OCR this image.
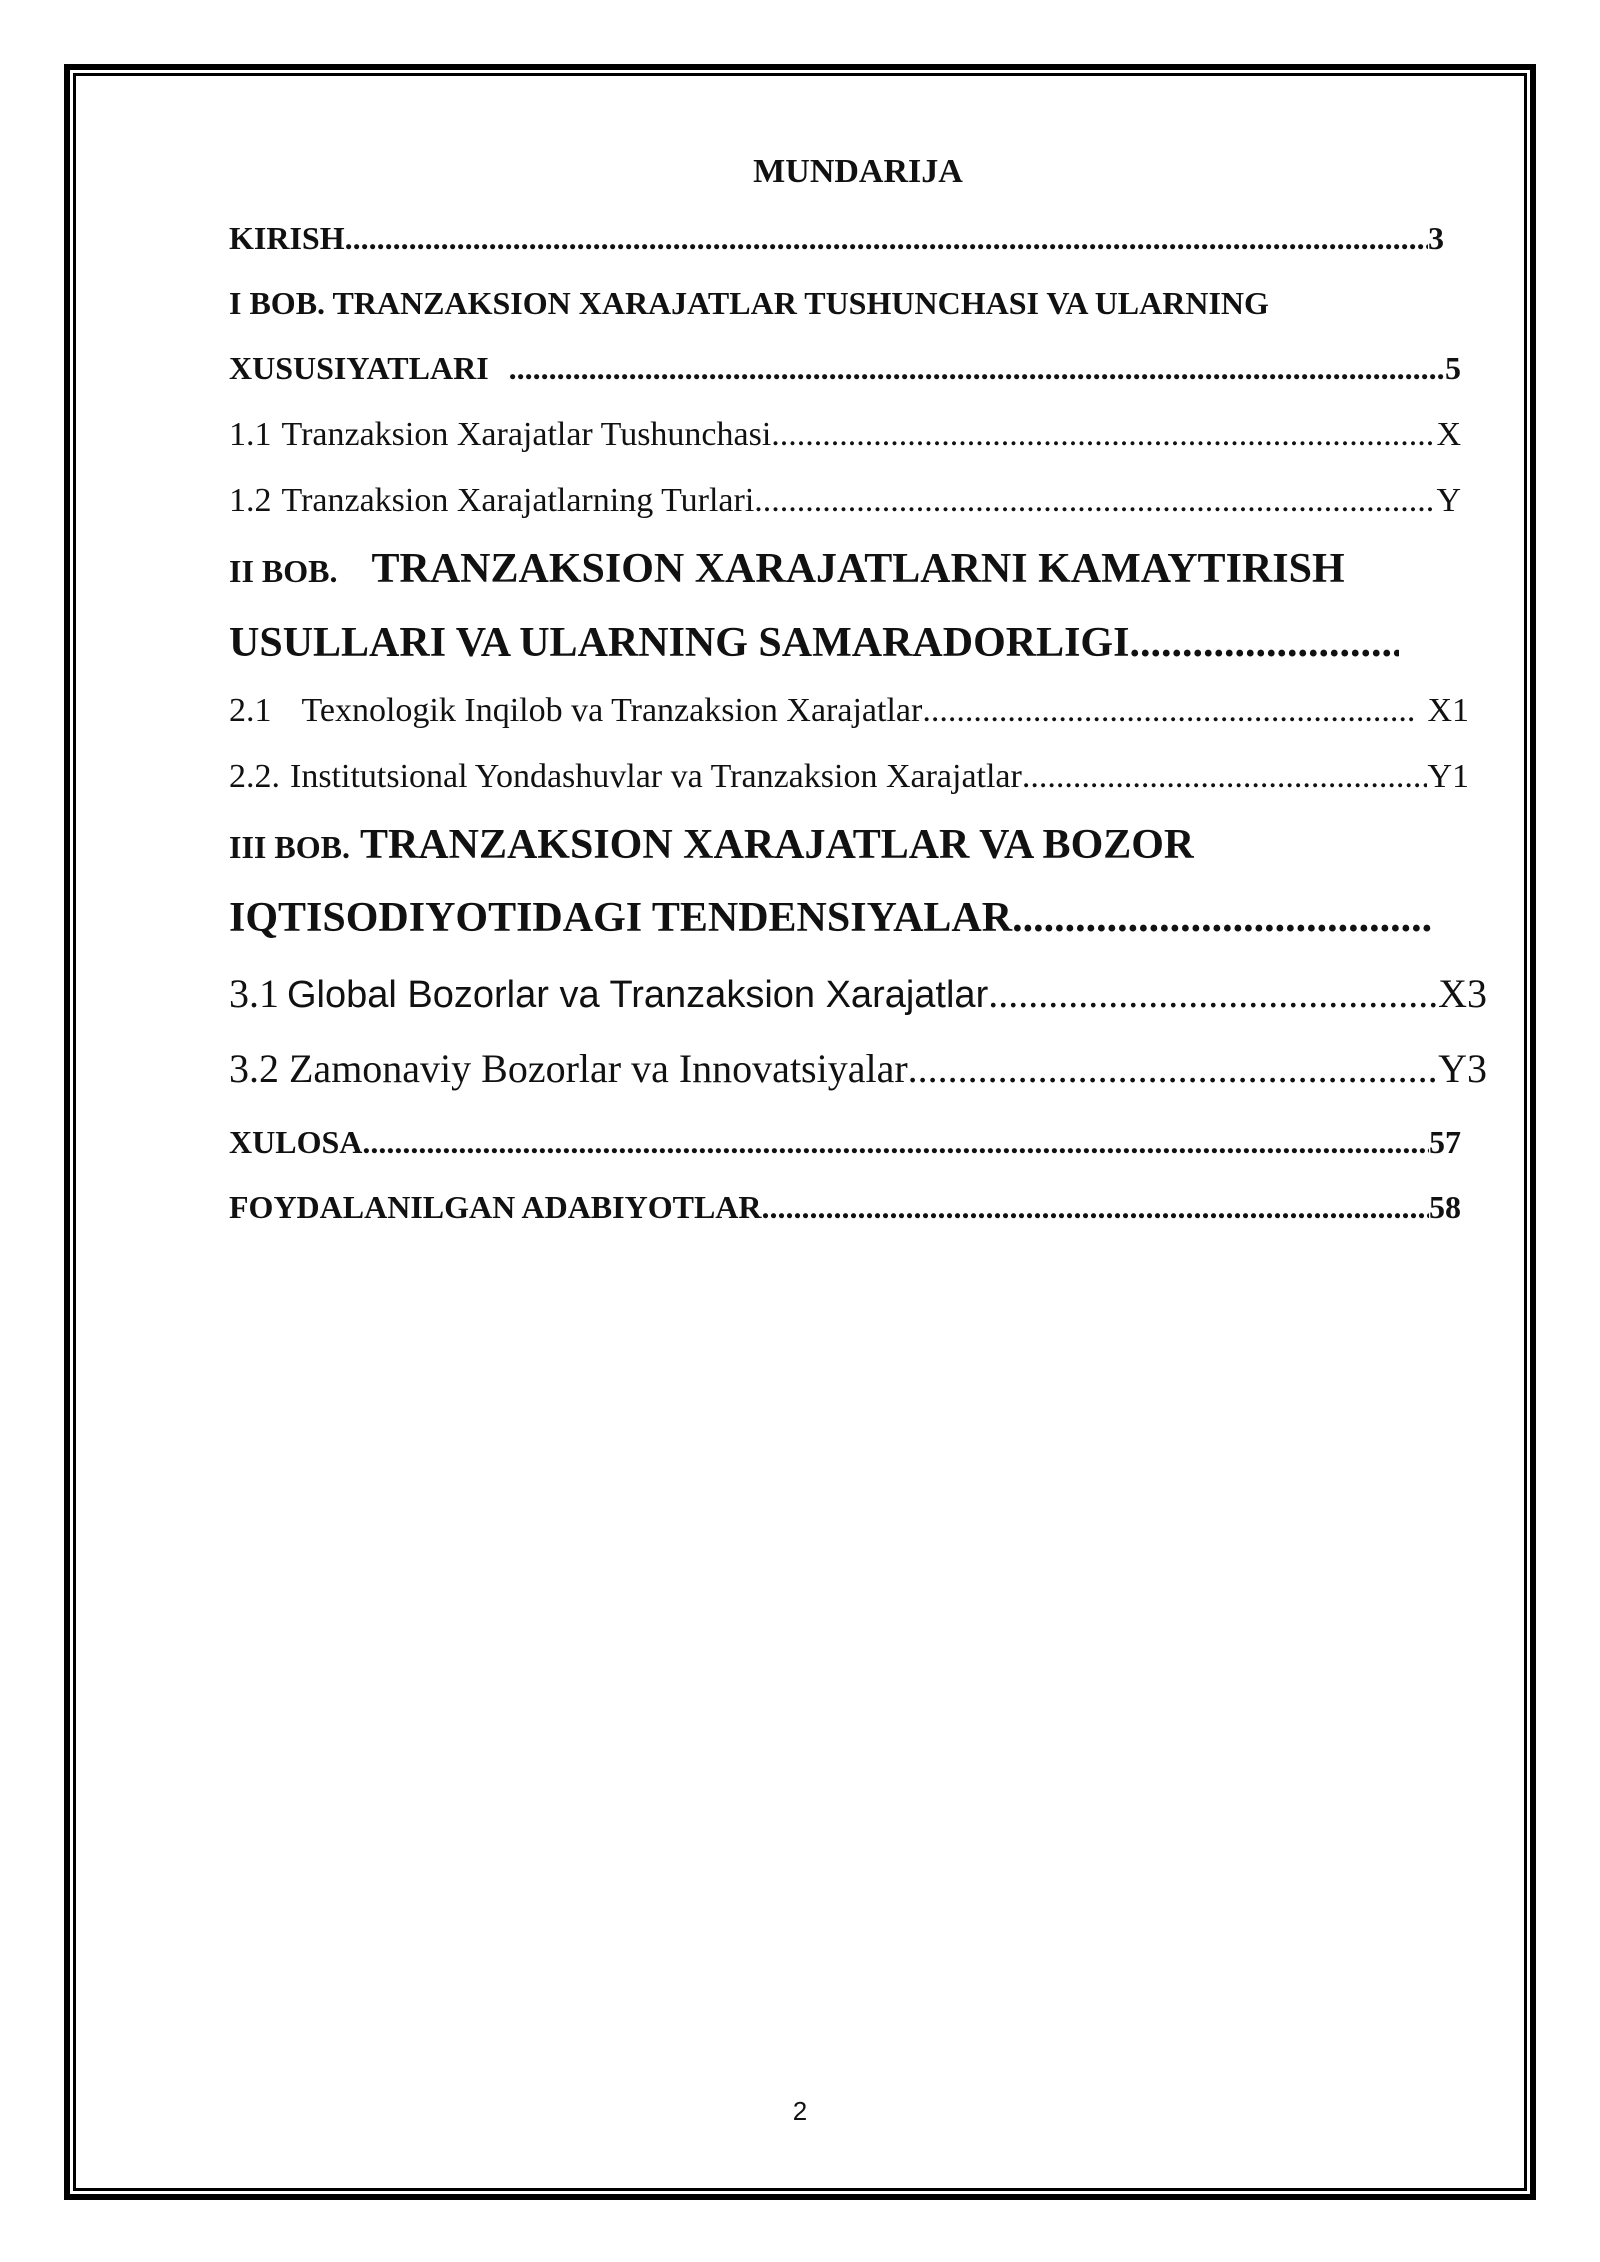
MUNDARIJA
KIRISH .....	3
I BOB. TRANZAKSION XARAJATLAR TUSHUNCHASI VA ULARNING
XUSUSIYATLARI .....	5
1.1 Tranzaksion Xarajatlar Tushunchasi .....	X
1.2 Tranzaksion Xarajatlarning Turlari .....	Y
II BOB. TRANZAKSION XARAJATLARNI KAMAYTIRISH
USULLARI VA ULARNING SAMARADORLIGI
.....
2.1 Texnologik Inqilob va Tranzaksion Xarajatlar .....	X1
2.2. Institutsional Yondashuvlar va Tranzaksion Xarajatlar .....	Y1
III BOB. TRANZAKSION XARAJATLAR VA BOZOR
IQTISODIYOTIDAGI TENDENSIYALAR
.....
3.1 Global Bozorlar va Tranzaksion Xarajatlar .....	X3
3.2 Zamonaviy Bozorlar va Innovatsiyalar .....	Y3
XULOSA .....	57
FOYDALANILGAN ADABIYOTLAR .....	58
2
